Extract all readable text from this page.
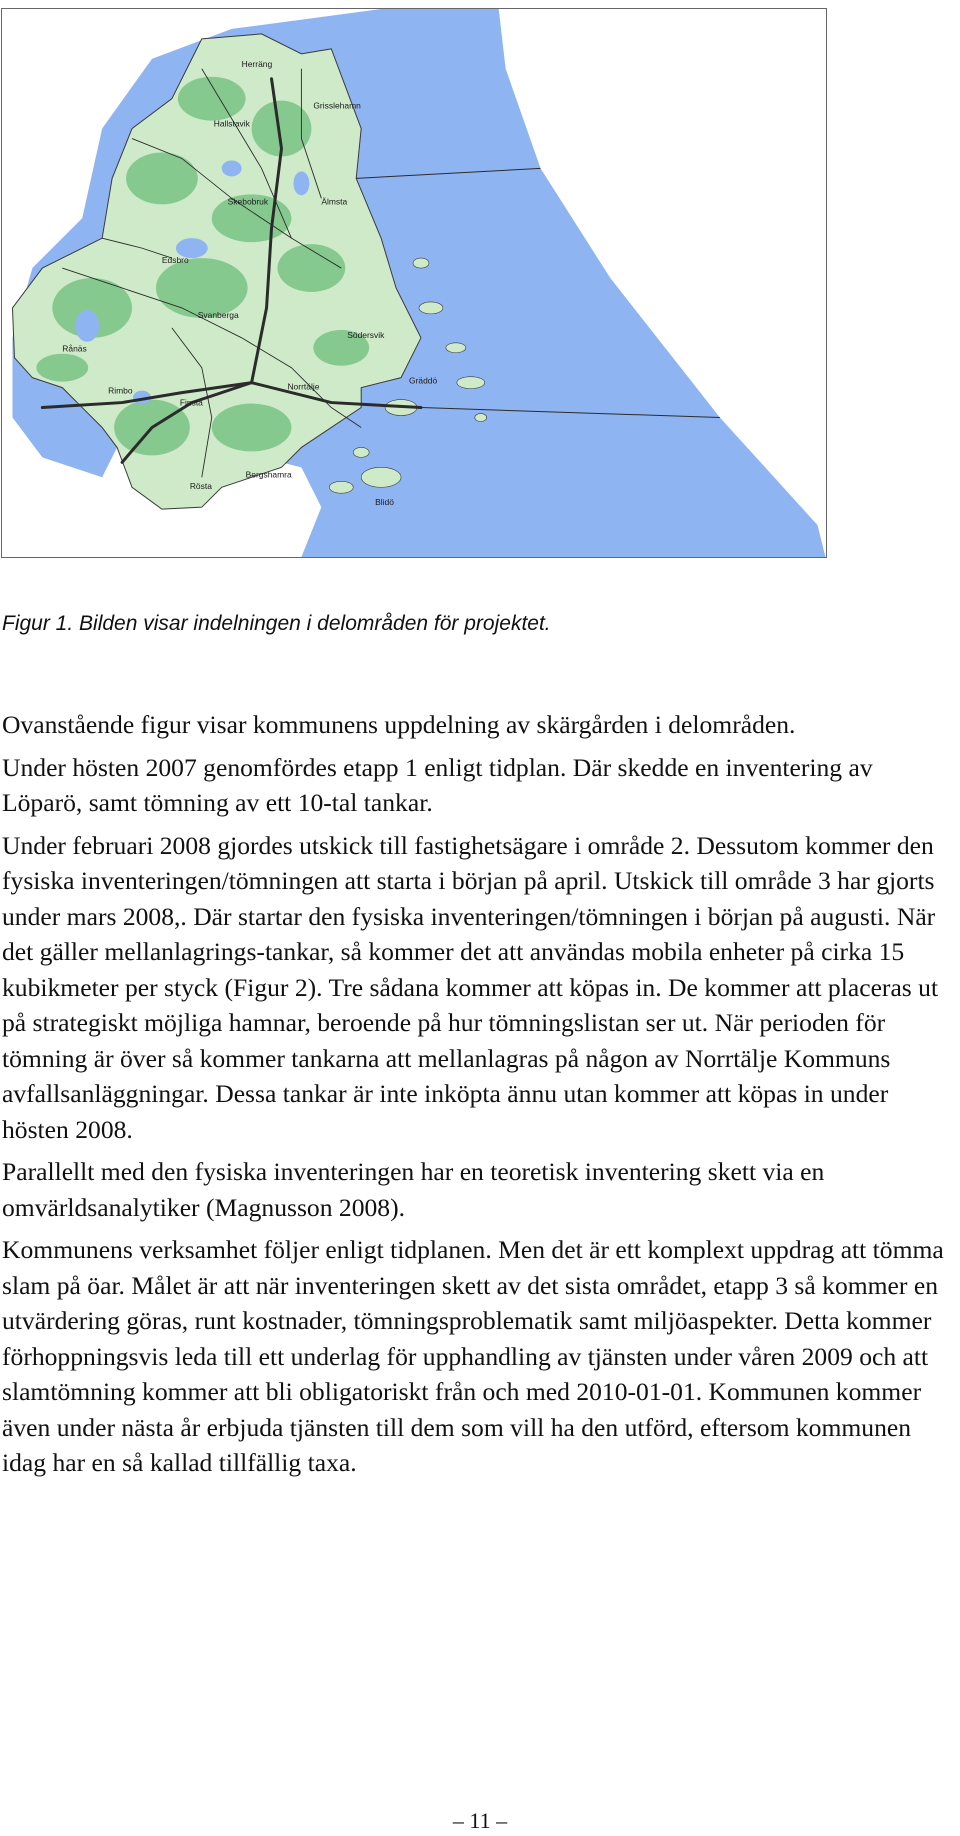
Herräng
Grisslehamn
Hallstavik
Skebobruk	Älmsta
Edsbro
Svanberga
Rånäs
Rimbo
Finsta
Norrtälje
Södersvik
Gräddö
Bergshamra
Rösta
Blidö
Figur 1. Bilden visar indelningen i delområden för projektet.

Ovanstående figur visar kommunens uppdelning av skärgården i delområden.

Under hösten 2007 genomfördes etapp 1 enligt tidplan. Där skedde en inventering av Löparö, samt tömning av ett 10-tal tankar.

Under februari 2008 gjordes utskick till fastighetsägare i område 2. Dessutom kommer den fysiska inventeringen/tömningen att starta i början på april. Utskick till område 3 har gjorts under mars 2008,. Där startar den fysiska inventeringen/tömningen i början på augusti. När det gäller mellanlagrings-tankar, så kommer det att användas mobila enheter på cirka 15 kubikmeter per styck (Figur 2). Tre sådana kommer att köpas in. De kommer att placeras ut på strategiskt möjliga hamnar, beroende på hur tömningslistan ser ut. När perioden för tömning är över så kommer tankarna att mellanlagras på någon av Norrtälje Kommuns avfallsanläggningar. Dessa tankar är inte inköpta ännu utan kommer att köpas in under hösten 2008.

Parallellt med den fysiska inventeringen har en teoretisk inventering skett via en omvärldsanalytiker (Magnusson 2008).

Kommunens verksamhet följer enligt tidplanen. Men det är ett komplext uppdrag att tömma slam på öar. Målet är att när inventeringen skett av det sista området, etapp 3 så kommer en utvärdering göras, runt kostnader, tömningsproblematik samt miljöaspekter. Detta kommer förhoppningsvis leda till ett underlag för upphandling av tjänsten under våren 2009 och att slamtömning kommer att bli obligatoriskt från och med 2010-01-01. Kommunen kommer även under nästa år erbjuda tjänsten till dem som vill ha den utförd, eftersom kommunen idag har en så kallad tillfällig taxa.

– 11 –
